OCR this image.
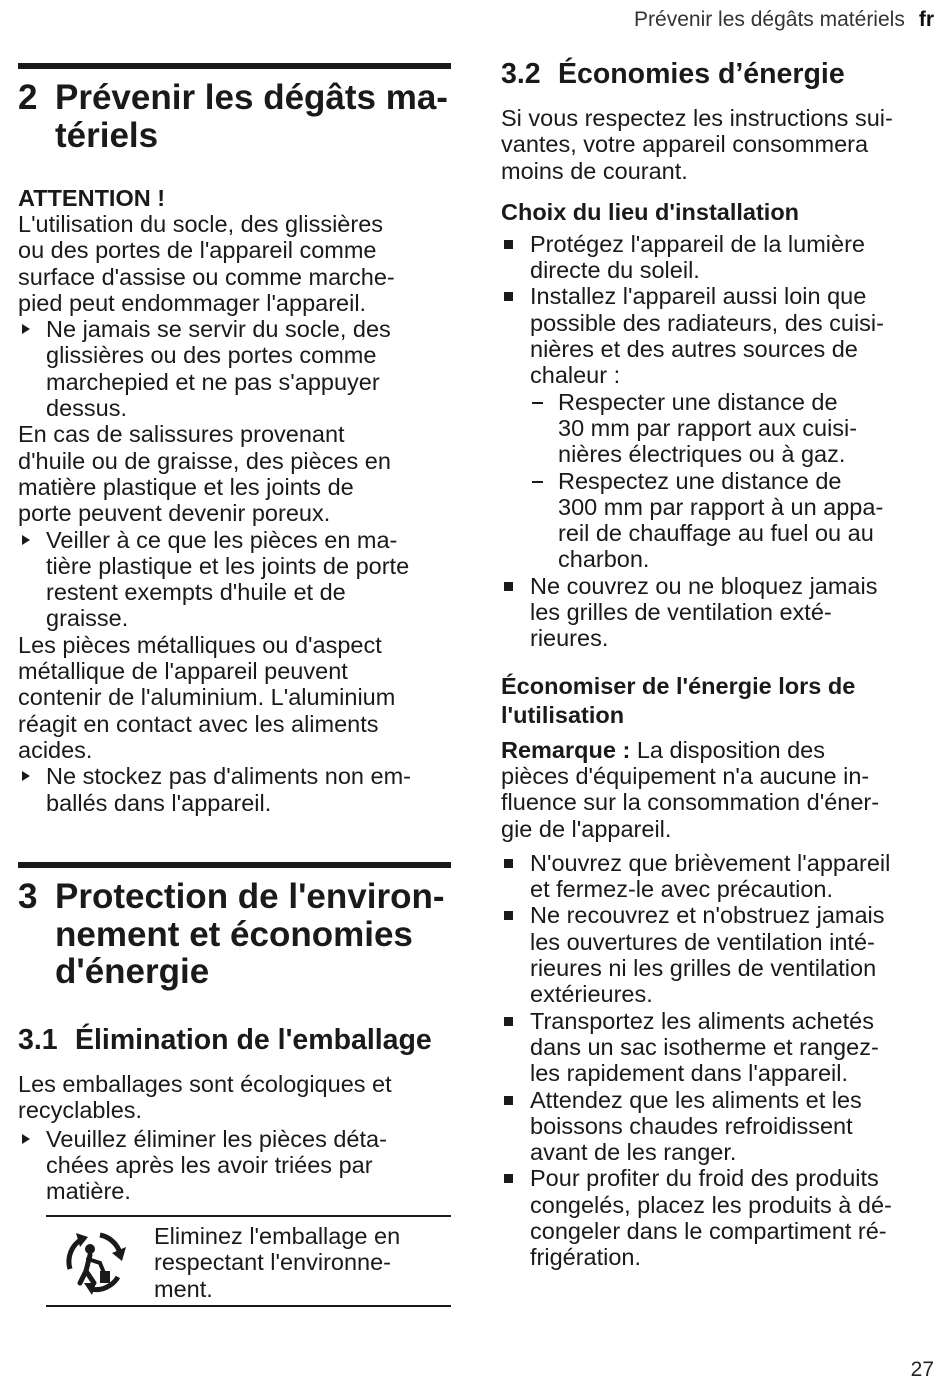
Prévenir les dégâts matériels fr
2 Prévenir les dégâts ma-
tériels

ATTENTION !

L'utilisation du socle, des glissières

ou des portes de l'appareil comme

surface d'assise ou comme marche-

pied peut endommager l'appareil.

Ne jamais se servir du socle, des

glissières ou des portes comme

marchepied et ne pas s'appuyer

dessus.

En cas de salissures provenant

d'huile ou de graisse, des pièces en

matière plastique et les joints de

porte peuvent devenir poreux.

Veiller à ce que les pièces en ma-

tière plastique et les joints de porte

restent exempts d'huile et de

graisse.

Les pièces métalliques ou d'aspect

métallique de l'appareil peuvent

contenir de l'aluminium. L'aluminium

réagit en contact avec les aliments

acides.

Ne stockez pas d'aliments non em-

ballés dans l'appareil.

3 Protection de l'environ-
nement et économies
d'énergie
3.1 Élimination de l'emballage

Les emballages sont écologiques et

recyclables.

Veuillez éliminer les pièces déta-

chées après les avoir triées par

matière.

Eliminez l'emballage en

respectant l'environne-

ment.

3.2 Économies d’énergie

Si vous respectez les instructions sui-

vantes, votre appareil consommera

moins de courant.

Choix du lieu d'installation

Protégez l'appareil de la lumière

directe du soleil.

Installez l'appareil aussi loin que

possible des radiateurs, des cuisi-

nières et des autres sources de

chaleur :

Respecter une distance de

30 mm par rapport aux cuisi-

nières électriques ou à gaz.

Respectez une distance de

300 mm par rapport à un appa-

reil de chauffage au fuel ou au

charbon.

Ne couvrez ou ne bloquez jamais

les grilles de ventilation exté-

rieures.

Économiser de l'énergie lors de

l'utilisation

Remarque : La disposition des

pièces d'équipement n'a aucune in-

fluence sur la consommation d'éner-

gie de l'appareil.

N'ouvrez que brièvement l'appareil

et fermez-le avec précaution.

Ne recouvrez et n'obstruez jamais

les ouvertures de ventilation inté-

rieures ni les grilles de ventilation

extérieures.

Transportez les aliments achetés

dans un sac isotherme et rangez-

les rapidement dans l'appareil.

Attendez que les aliments et les

boissons chaudes refroidissent

avant de les ranger.

Pour profiter du froid des produits

congelés, placez les produits à dé-

congeler dans le compartiment ré-

frigération.

27
